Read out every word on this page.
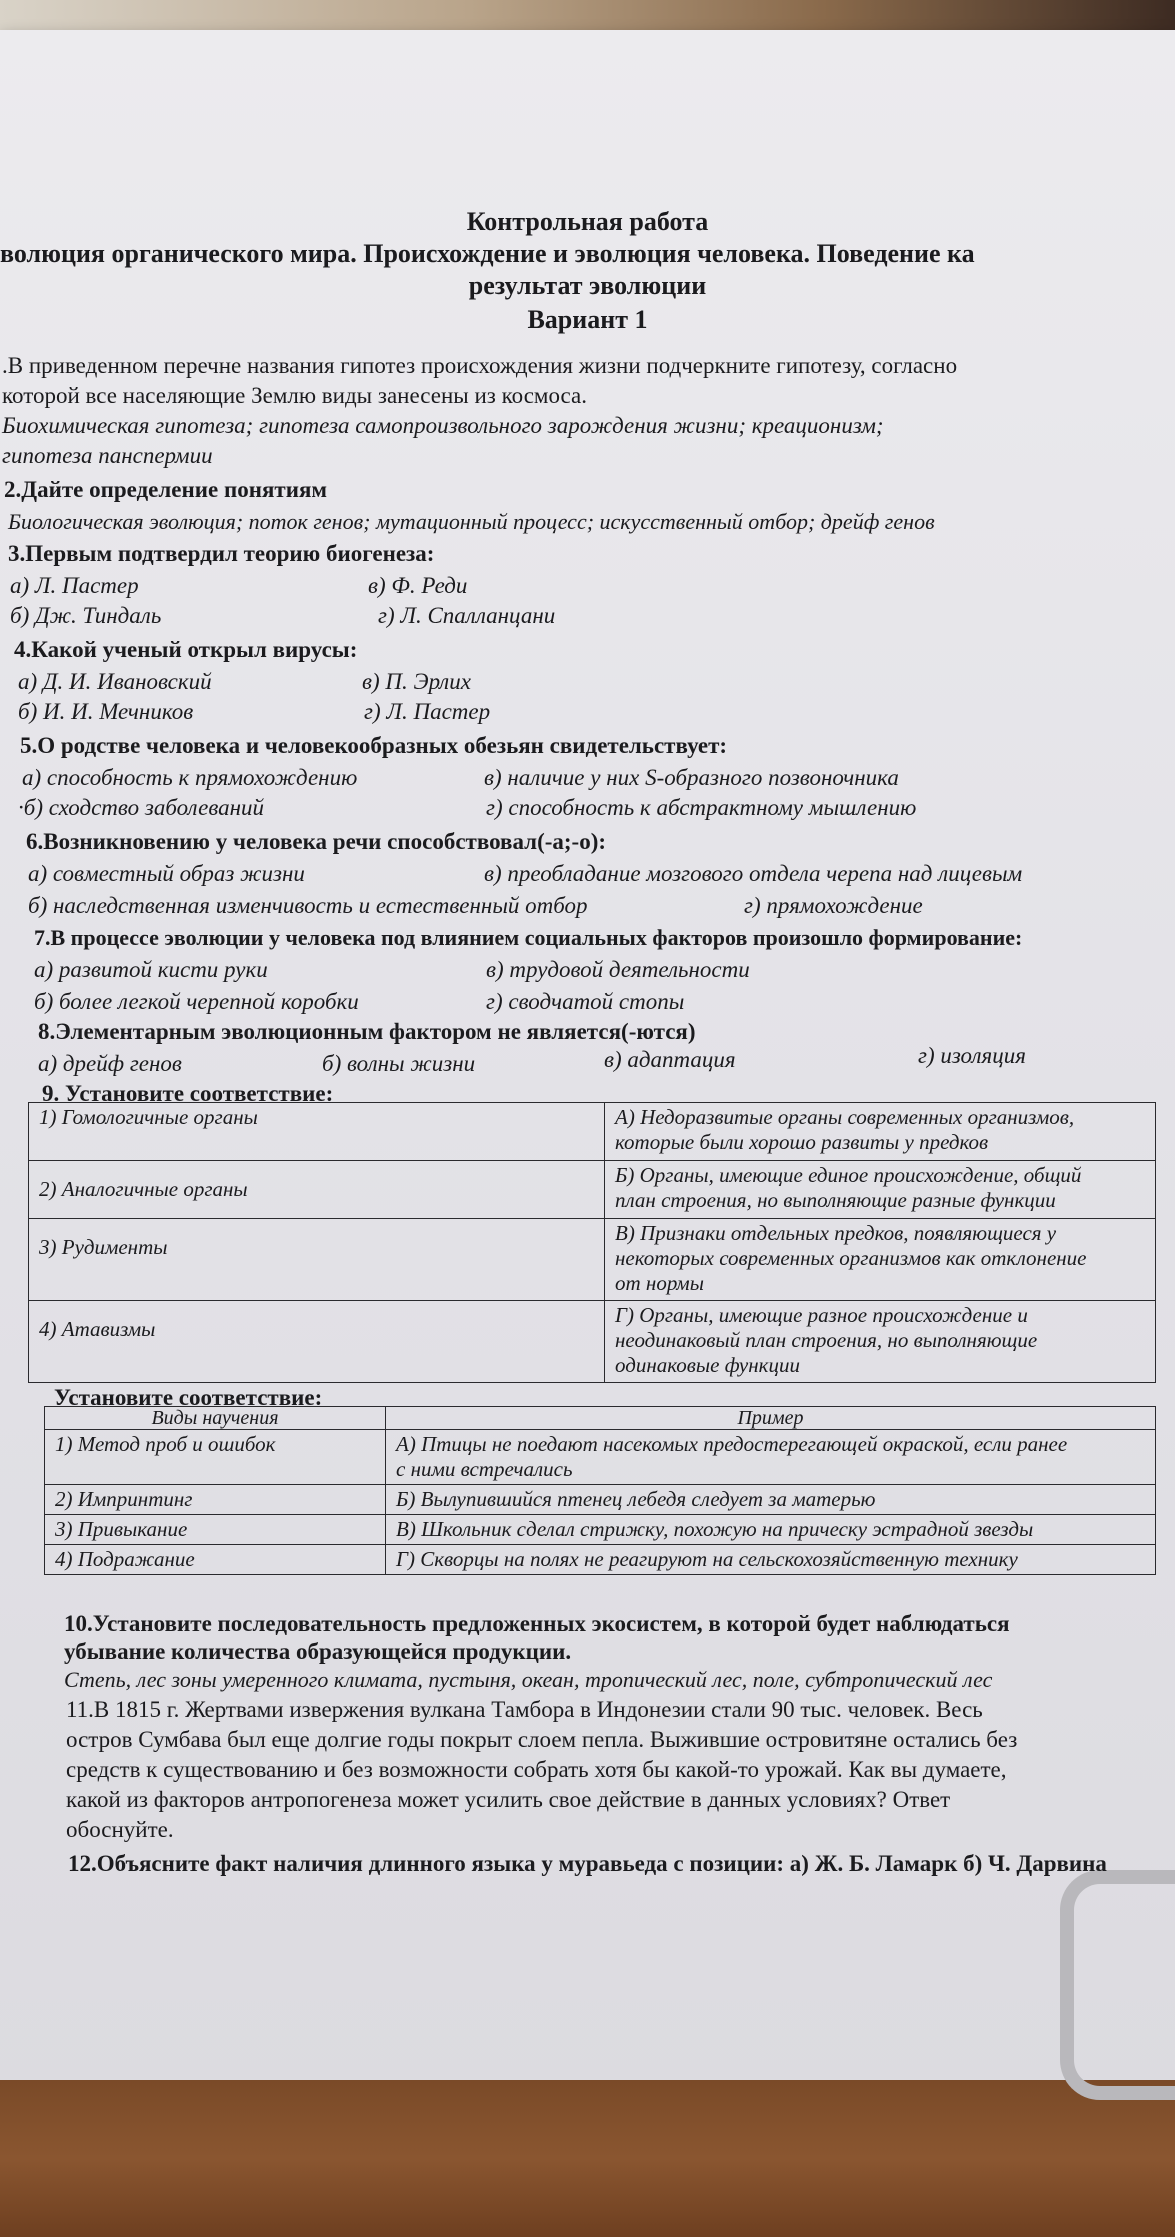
Контрольная работа
волюция органического мира. Происхождение и эволюция человека. Поведение ка
результат эволюции
Вариант 1
.В приведенном перечне названия гипотез происхождения жизни подчеркните гипотезу, согласно
которой все населяющие Землю виды занесены из космоса.
Биохимическая гипотеза; гипотеза самопроизвольного зарождения жизни; креационизм;
гипотеза панспермии
2.Дайте определение понятиям
Биологическая эволюция; поток генов; мутационный процесс; искусственный отбор; дрейф генов
3.Первым подтвердил теорию биогенеза:
а) Л. Пастер	в) Ф. Реди
б) Дж. Тиндаль	г) Л. Спалланцани
4.Какой ученый открыл вирусы:
а) Д. И. Ивановский	в) П. Эрлих
б) И. И. Мечников	г) Л. Пастер
5.О родстве человека и человекообразных обезьян свидетельствует:
а) способность к прямохождению	в) наличие у них S-образного позвоночника
·б) сходство заболеваний	г) способность к абстрактному мышлению
6.Возникновению у человека речи способствовал(-а;-о):
а) совместный образ жизни	в) преобладание мозгового отдела черепа над лицевым
б) наследственная изменчивость и естественный отбор	г) прямохождение
7.В процессе эволюции у человека под влиянием социальных факторов произошло формирование:
а) развитой кисти руки	в) трудовой деятельности
б) более легкой черепной коробки	г) сводчатой стопы
8.Элементарным эволюционным фактором не является(-ются)
а) дрейф генов	б) волны жизни	в) адаптация	г) изоляция
9. Установите соответствие:
1) Гомологичные органы	А) Недоразвитые органы современных организмов,
которые были хорошо развиты у предков

2) Аналогичные органы	Б) Органы, имеющие единое происхождение, общий
план строения, но выполняющие разные функции

3) Рудименты	В) Признаки отдельных предков, появляющиеся у
некоторых современных организмов как отклонение
от нормы

4) Атавизмы	Г) Органы, имеющие разное происхождение и
неодинаковый план строения, но выполняющие
одинаковые функции
Установите соответствие:
Виды научения	Пример
1) Метод проб и ошибок	А) Птицы не поедают насекомых предостерегающей окраской, если ранее
с ними встречались

2) Импринтинг	Б) Вылупившийся птенец лебедя следует за матерью
3) Привыкание	В) Школьник сделал стрижку, похожую на прическу эстрадной звезды
4) Подражание	Г) Скворцы на полях не реагируют на сельскохозяйственную технику
10.Установите последовательность предложенных экосистем, в которой будет наблюдаться
убывание количества образующейся продукции.
Степь, лес зоны умеренного климата, пустыня, океан, тропический лес, поле, субтропический лес
11.В 1815 г. Жертвами извержения вулкана Тамбора в Индонезии стали 90 тыс. человек. Весь
остров Сумбава был еще долгие годы покрыт слоем пепла. Выжившие островитяне остались без
средств к существованию и без возможности собрать хотя бы какой-то урожай. Как вы думаете,
какой из факторов антропогенеза может усилить свое действие в данных условиях? Ответ
обоснуйте.
12.Объясните факт наличия длинного языка у муравьеда с позиции: а) Ж. Б. Ламарк б) Ч. Дарвина
